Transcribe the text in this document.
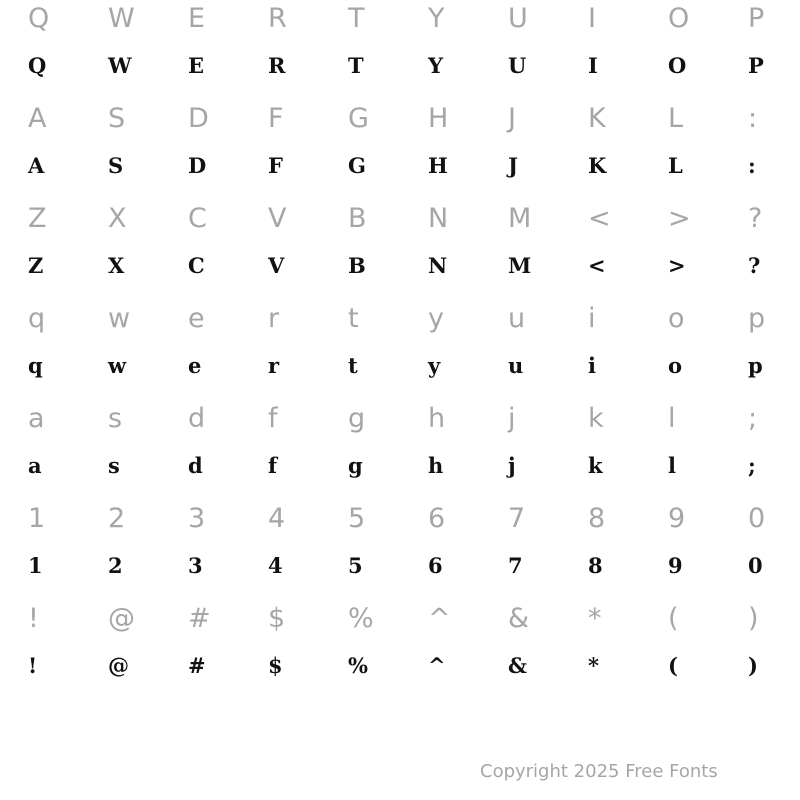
Q
Q
W
W
E
E
R
R
T
T
Y
Y
U
U
I
I
O
O
P
P
A
A
S
S
D
D
F
F
G
G
H
H
J
J
K
K
L
L
:
:
Z
Z
X
X
C
C
V
V
B
B
N
N
M
M
<
<
>
>
?
?
q
q
w
w
e
e
r
r
t
t
y
y
u
u
i
i
o
o
p
p
a
a
s
s
d
d
f
f
g
g
h
h
j
j
k
k
l
l
;
;
1
1
2
2
3
3
4
4
5
5
6
6
7
7
8
8
9
9
0
0
!
!
@
@
#
#
$
$
%
%
^
^
&
&
*
*
(
(
)
)
Copyright 2025 Free Fonts
